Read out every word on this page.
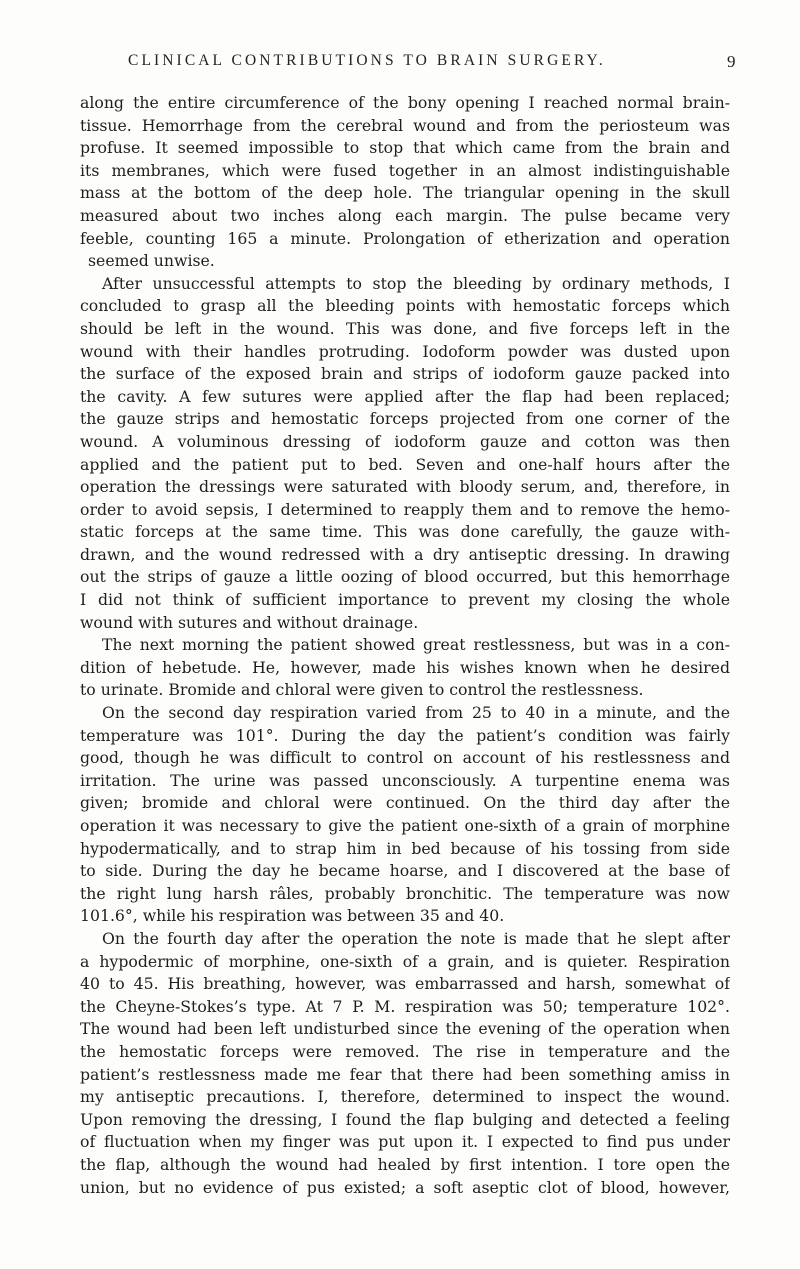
CLINICAL CONTRIBUTIONS TO BRAIN SURGERY.	9
along the entire circumference of the bony opening I reached normal brain-
tissue. Hemorrhage from the cerebral wound and from the periosteum was
profuse. It seemed impossible to stop that which came from the brain and
its membranes, which were fused together in an almost indistinguishable
mass at the bottom of the deep hole. The triangular opening in the skull
measured about two inches along each margin. The pulse became very
feeble, counting 165 a minute. Prolongation of etherization and operation
seemed unwise.
After unsuccessful attempts to stop the bleeding by ordinary methods, I
concluded to grasp all the bleeding points with hemostatic forceps which
should be left in the wound. This was done, and five forceps left in the
wound with their handles protruding. Iodoform powder was dusted upon
the surface of the exposed brain and strips of iodoform gauze packed into
the cavity. A few sutures were applied after the flap had been replaced;
the gauze strips and hemostatic forceps projected from one corner of the
wound. A voluminous dressing of iodoform gauze and cotton was then
applied and the patient put to bed. Seven and one-half hours after the
operation the dressings were saturated with bloody serum, and, therefore, in
order to avoid sepsis, I determined to reapply them and to remove the hemo-
static forceps at the same time. This was done carefully, the gauze with-
drawn, and the wound redressed with a dry antiseptic dressing. In drawing
out the strips of gauze a little oozing of blood occurred, but this hemorrhage
I did not think of sufficient importance to prevent my closing the whole
wound with sutures and without drainage.
The next morning the patient showed great restlessness, but was in a con-
dition of hebetude. He, however, made his wishes known when he desired
to urinate. Bromide and chloral were given to control the restlessness.
On the second day respiration varied from 25 to 40 in a minute, and the
temperature was 101°. During the day the patient’s condition was fairly
good, though he was difficult to control on account of his restlessness and
irritation. The urine was passed unconsciously. A turpentine enema was
given; bromide and chloral were continued. On the third day after the
operation it was necessary to give the patient one-sixth of a grain of morphine
hypodermatically, and to strap him in bed because of his tossing from side
to side. During the day he became hoarse, and I discovered at the base of
the right lung harsh râles, probably bronchitic. The temperature was now
101.6°, while his respiration was between 35 and 40.
On the fourth day after the operation the note is made that he slept after
a hypodermic of morphine, one-sixth of a grain, and is quieter. Respiration
40 to 45. His breathing, however, was embarrassed and harsh, somewhat of
the Cheyne-Stokes’s type. At 7 P. M. respiration was 50; temperature 102°.
The wound had been left undisturbed since the evening of the operation when
the hemostatic forceps were removed. The rise in temperature and the
patient’s restlessness made me fear that there had been something amiss in
my antiseptic precautions. I, therefore, determined to inspect the wound.
Upon removing the dressing, I found the flap bulging and detected a feeling
of fluctuation when my finger was put upon it. I expected to find pus under
the flap, although the wound had healed by first intention. I tore open the
union, but no evidence of pus existed; a soft aseptic clot of blood, however,
